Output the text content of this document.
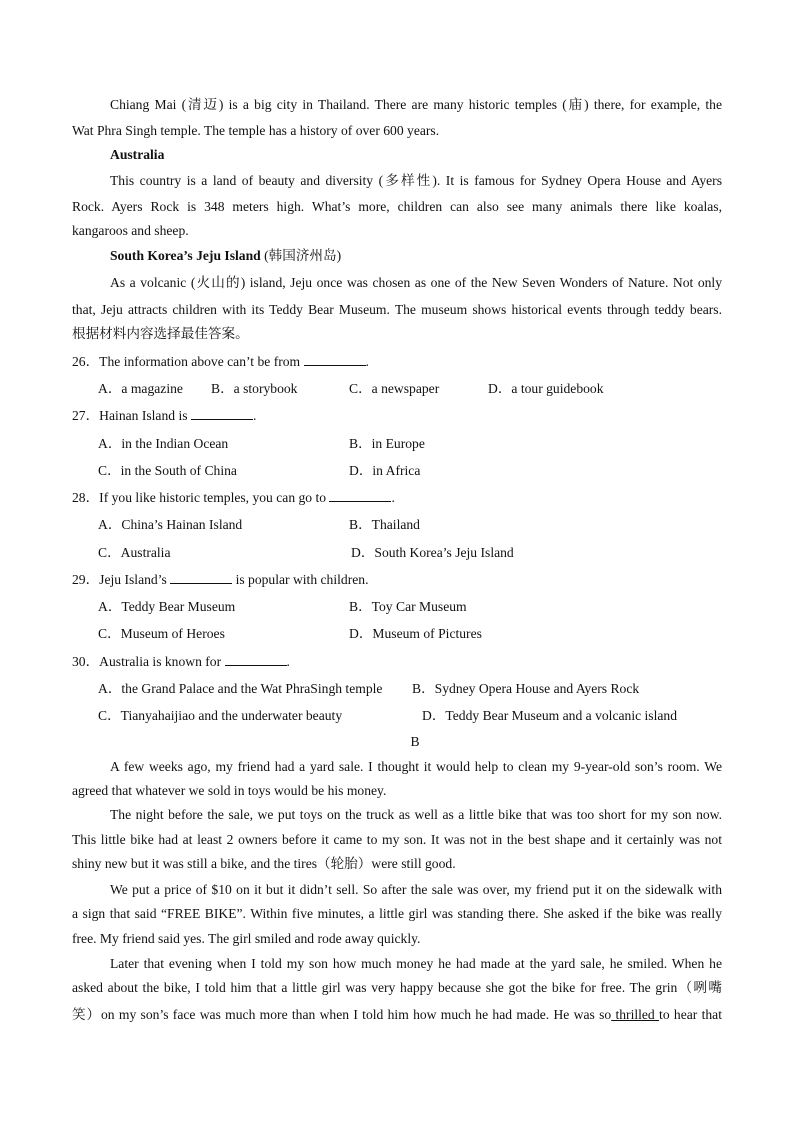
Chiang Mai (清迈) is a big city in Thailand. There are many historic temples (庙) there, for example, the
Wat Phra Singh temple. The temple has a history of over 600 years.
Australia
This country is a land of beauty and diversity (多样性). It is famous for Sydney Opera House and Ayers
Rock. Ayers Rock is 348 meters high. What’s more, children can also see many animals there like koalas,
kangaroos and sheep.
South Korea’s Jeju Island (韩国济州岛)
As a volcanic (火山的) island, Jeju once was chosen as one of the New Seven Wonders of Nature. Not only
that, Jeju attracts children with its Teddy Bear Museum. The museum shows historical events through teddy bears.
根据材料内容选择最佳答案。
26．The information above can’t be from	.
A．a magazine B．a storybook	C．a newspaper	D．a tour guidebook
27．Hainan Island is	.
A．in the Indian Ocean	B．in Europe
C．in the South of China	D．in Africa
28．If you like historic temples, you can go to	.
A．China’s Hainan Island	B．Thailand
C．Australia	D．South Korea’s Jeju Island
29．Jeju Island’s	is popular with children.
A．Teddy Bear Museum	B．Toy Car Museum
C．Museum of Heroes	D．Museum of Pictures
30．Australia is known for	.
A．the Grand Palace and the Wat PhraSingh temple B．Sydney Opera House and Ayers Rock
C．Tianyahaijiao and the underwater beauty	D．Teddy Bear Museum and a volcanic island
B
A few weeks ago, my friend had a yard sale. I thought it would help to clean my 9-year-old son’s room. We
agreed that whatever we sold in toys would be his money.
The night before the sale, we put toys on the truck as well as a little bike that was too short for my son now.
This little bike had at least 2 owners before it came to my son. It was not in the best shape and it certainly was not
shiny new but it was still a bike, and the tires（轮胎）were still good.
We put a price of $10 on it but it didn’t sell. So after the sale was over, my friend put it on the sidewalk with
a sign that said “FREE BIKE”. Within five minutes, a little girl was standing there. She asked if the bike was really
free. My friend said yes. The girl smiled and rode away quickly.
Later that evening when I told my son how much money he had made at the yard sale, he smiled. When he
asked about the bike, I told him that a little girl was very happy because she got the bike for free. The grin（咧嘴
笑）on my son’s face was much more than when I told him how much he had made. He was so thrilled to hear that
